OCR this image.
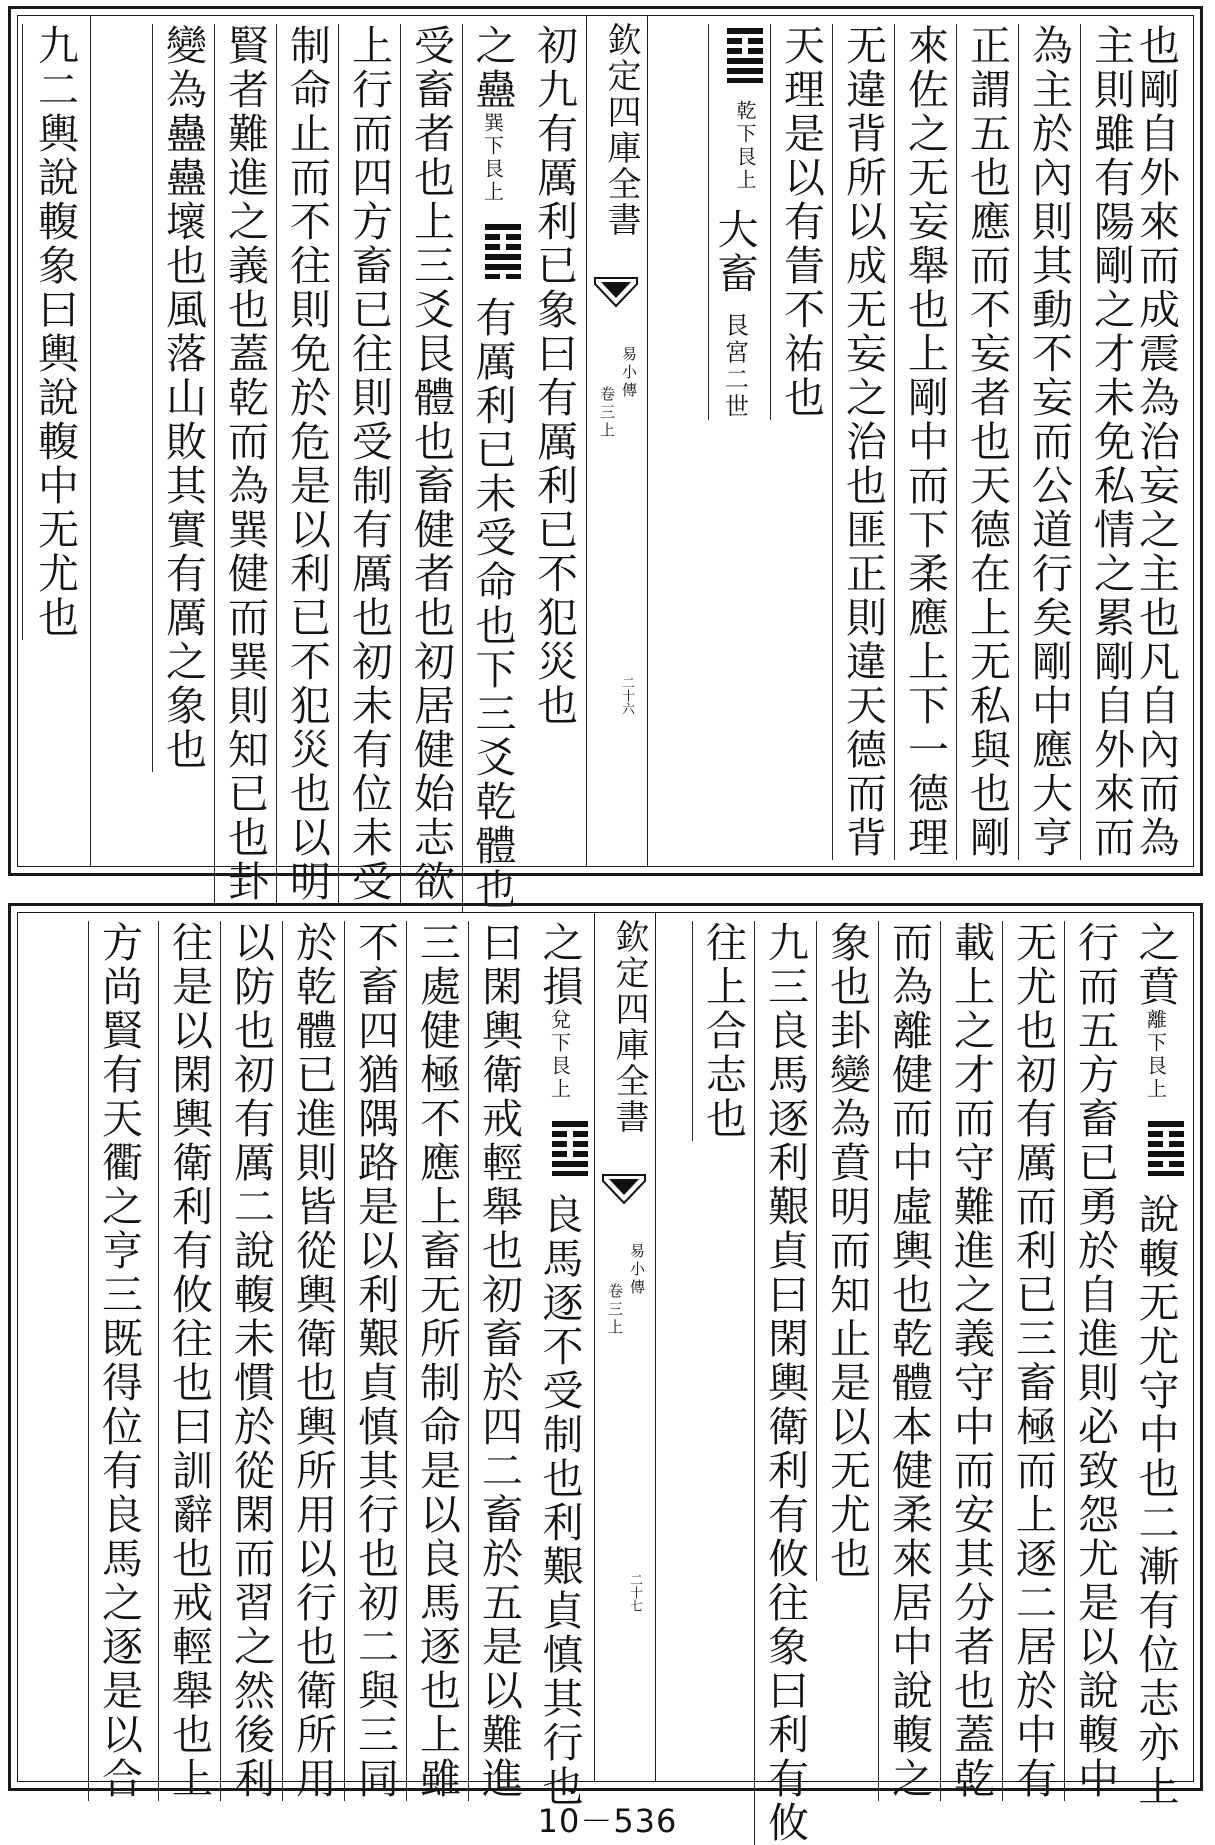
也剛自外來而成震為治妄之主也凡自內而為
主則雖有陽剛之才未免私情之累剛自外來而
為主於內則其動不妄而公道行矣剛中應大亨
正謂五也應而不妄者也天德在上无私與也剛
來佐之无妄舉也上剛中而下柔應上下一德理
无違背所以成无妄之治也匪正則違天德而背
天理是以有眚不祐也
乾下艮上 大畜 艮宮二世
欽定四庫全書
易小傳
卷三上
二十六
初九有厲利已象曰有厲利已不犯災也
之蠱巽下艮上  有厲利已未受命也下三爻乾體也
受畜者也上三爻艮體也畜健者也初居健始志欲
上行而四方畜已往則受制有厲也初未有位未受
制命止而不往則免於危是以利已不犯災也以明
賢者難進之義也蓋乾而為巽健而巽則知已也卦
變為蠱蠱壞也風落山敗其實有厲之象也
九二輿說輹象曰輿說輹中无尤也
之賁離下艮上  說輹无尤守中也二漸有位志亦上
行而五方畜已勇於自進則必致怨尤是以說輹中
无尤也初有厲而利已三畜極而上逐二居於中有
載上之才而守難進之義守中而安其分者也蓋乾
而為離健而中虛輿也乾體本健柔來居中說輹之
象也卦變為賁明而知止是以无尤也
九三良馬逐利艱貞曰閑輿衛利有攸往象曰利有攸
往上合志也
欽定四庫全書
易小傳
卷三上
二十七
之損兌下艮上  良馬逐不受制也利艱貞慎其行也
曰閑輿衛戒輕舉也初畜於四二畜於五是以難進
三處健極不應上畜无所制命是以良馬逐也上雖
不畜四猶隅路是以利艱貞慎其行也初二與三同
於乾體已進則皆從輿衛也輿所用以行也衛所用
以防也初有厲二說輹未慣於從閑而習之然後利
往是以閑輿衛利有攸往也曰訓辭也戒輕舉也上
方尚賢有天衢之亨三既得位有良馬之逐是以合
10－536
